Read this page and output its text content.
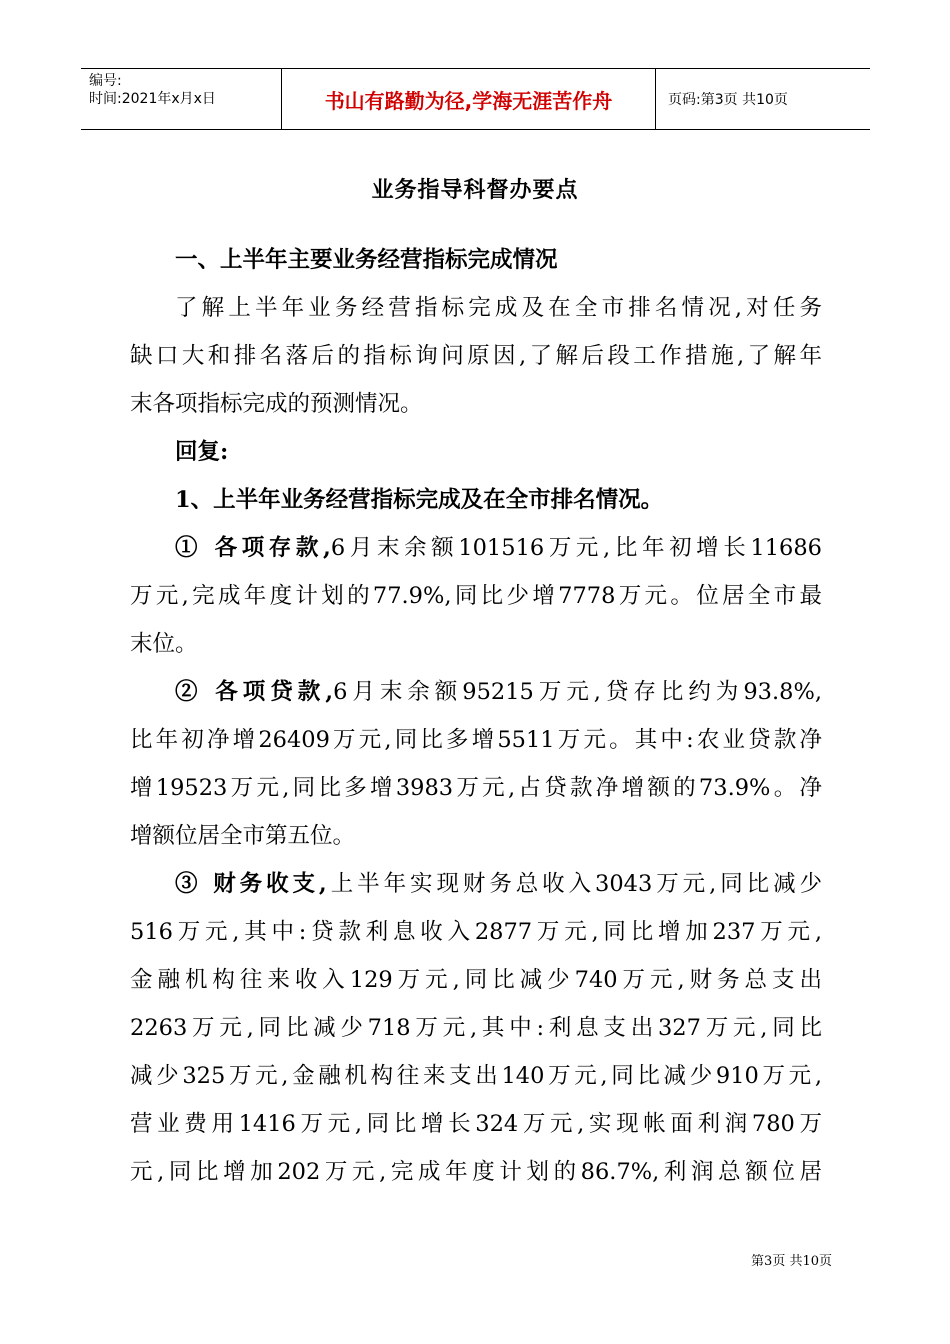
编号:
时间:2021年x月x日	书山有路勤为径,学海无涯苦作舟	页码:第3页 共10页
业务指导科督办要点
一、上半年主要业务经营指标完成情况
了解上半年业务经营指标完成及在全市排名情况,对任务
缺口大和排名落后的指标询问原因,了解后段工作措施,了解年
末各项指标完成的预测情况。
回复:
1、上半年业务经营指标完成及在全市排名情况。
① 各项存款,6月末余额101516万元,比年初增长11686
万元,完成年度计划的77.9%,同比少增7778万元。位居全市最
末位。
② 各项贷款,6月末余额95215万元,贷存比约为93.8%,
比年初净增26409万元,同比多增5511万元。其中:农业贷款净
增19523万元,同比多增3983万元,占贷款净增额的73.9%。净
增额位居全市第五位。
③ 财务收支,上半年实现财务总收入3043万元,同比减少
516万元,其中:贷款利息收入2877万元,同比增加237万元,
金融机构往来收入129万元,同比减少740万元,财务总支出
2263万元,同比减少718万元,其中:利息支出327万元,同比
减少325万元,金融机构往来支出140万元,同比减少910万元,
营业费用1416万元,同比增长324万元,实现帐面利润780万
元,同比增加202万元,完成年度计划的86.7%,利润总额位居
第3页 共10页
